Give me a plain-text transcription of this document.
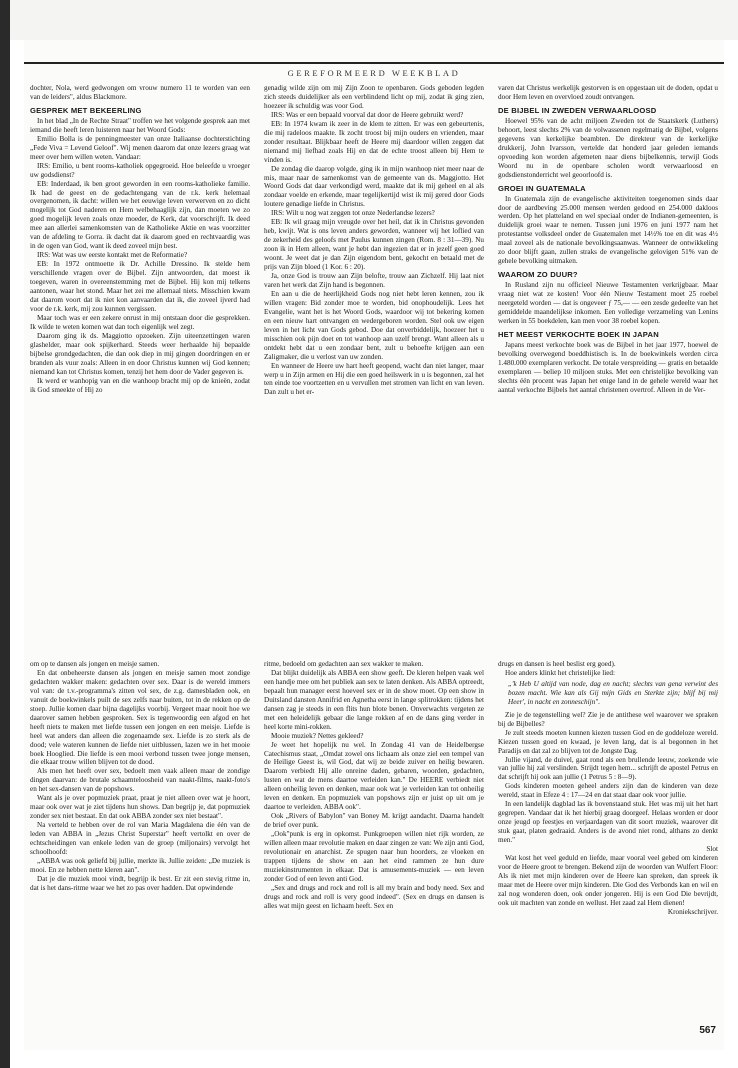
GEREFORMEERD WEEKBLAD

dochter, Nola, werd gedwongen om vrouw numero 11 te worden van een van de leiders", aldus Blackmore.

GESPREK MET BEKEERLING

In het blad „In de Rechte Straat" troffen we het volgende gesprek aan met iemand die heeft leren luisteren naar het Woord Gods:

Emilio Bolla is de penningmeester van onze Italiaanse dochterstichting „Fede Viva = Levend Geloof". Wij menen daarom dat onze lezers graag wat meer over hem willen weten. Vandaar:

IRS: Emilio, u bent rooms-katholiek opgegroeid. Hoe beleefde u vroeger uw godsdienst?

EB: Inderdaad, ik ben groot geworden in een rooms-katholieke familie. Ik had de geest en de gedachtengang van de r.k. kerk helemaal overgenomen, ik dacht: willen we het eeuwige leven verwerven en zo dicht mogelijk tot God naderen en Hem welbehaaglijk zijn, dan moeten we zo goed mogelijk leven zoals onze moeder, de Kerk, dat voorschrijft. Ik deed mee aan allerlei samenkomsten van de Katholieke Aktie en was voorzitter van de afdeling te Gorra. ik dacht dat ik daarom goed en rechtvaardig was in de ogen van God, want ik deed zoveel mijn best.

IRS: Wat was uw eerste kontakt met de Reformatie?

EB: In 1972 ontmoette ik Dr. Achille Dressino. Ik stelde hem verschillende vragen over de Bijbel. Zijn antwoorden, dat moest ik toegeven, waren in overeenstemming met de Bijbel. Hij kon mij telkens aantonen, waar het stond. Maar het zei me allemaal niets. Misschien kwam dat daarom voort dat ik niet kon aanvaarden dat ik, die zoveel ijverd had voor de r.k. kerk, mij zou kunnen vergissen.

Maar toch was er een zekere onrust in mij ontstaan door die gesprekken. Ik wilde te weten komen wat dan toch eigenlijk wel zegt.

Daarom ging ik ds. Maggiotto opzoeken. Zijn uiteenzettingen waren glashelder, maar ook spijkerhard. Steeds weer herhaalde hij bepaalde bijbelse grondgedachten, die dan ook diep in mij gingen doordringen en er branden als vuur zoals: Alleen in en door Christus kunnen wij God kennen; niemand kan tot Christus komen, tenzij het hem door de Vader gegeven is.

Ik werd er wanhopig van en die wanhoop bracht mij op de knieën, zodat ik God smeekte of Hij zo

genadig wilde zijn om mij Zijn Zoon te openbaren. Gods geboden legden zich steeds duidelijker als een verblindend licht op mij, zodat ik ging zien, hoezeer ik schuldig was voor God.

IRS: Was er een bepaald voorval dat door de Heere gebruikt werd?

EB: In 1974 kwam ik zeer in de klem te zitten. Er was een gebeurtenis, die mij radeloos maakte. Ik zocht troost bij mijn ouders en vrienden, maar zonder resultaat. Blijkbaar heeft de Heere mij daardoor willen zeggen dat niemand mij liefhad zoals Hij en dat de echte troost alleen bij Hem te vinden is.

De zondag die daarop volgde, ging ik in mijn wanhoop niet meer naar de mis, maar naar de samenkomst van de gemeente van ds. Maggiotto. Het Woord Gods dat daar verkondigd werd, maakte dat ik mij geheel en al als zondaar voelde en erkende, maar tegelijkertijd wist ik mij gered door Gods loutere genadige liefde in Christus.

IRS: Wilt u nog wat zeggen tot onze Nederlandse lezers?

EB: Ik wil graag mijn vreugde over het heil, dat ik in Christus gevonden heb, kwijt. Wat is ons leven anders geworden, wanneer wij het loflied van de zekerheid des geloofs met Paulus kunnen zingen (Rom. 8 : 31—39). Nu zoon ik in Hem alleen, want je hebt dan ingezien dat er in jezelf geen goed woont. Je weet dat je dan Zijn eigendom bent, gekocht en betaald met de prijs van Zijn bloed (1 Kor. 6 : 20).

Ja, onze God is trouw aan Zijn belofte, trouw aan Zichzelf. Hij laat niet varen het werk dat Zijn hand is begonnen.

En aan u die de heerlijkheid Gods nog niet hebt leren kennen, zou ik willen vragen: Bid zonder moe te worden, bid onophoudelijk. Lees het Evangelie, want het is het Woord Gods, waardoor wij tot bekering komen en een nieuw hart ontvangen en wedergeboren worden. Stel ook uw eigen leven in het licht van Gods gebod. Doe dat onverbiddelijk, hoezeer het u misschien ook pijn doet en tot wanhoop aan uzelf brengt. Want alleen als u ontdekt hebt dat u een zondaar bent, zult u behoefte krijgen aan een Zaligmaker, die u verlost van uw zonden.

En wanneer de Heere uw hart heeft geopend, wacht dan niet langer, maar werp u in Zijn armen en Hij die een goed heilswerk in u is begonnen, zal het ten einde toe voortzetten en u vervullen met stromen van licht en van leven. Dan zult u het er-

varen dat Christus werkelijk gestorven is en opgestaan uit de doden, opdat u door Hem leven en overvloed zoudt ontvangen.

DE BIJBEL IN ZWEDEN VERWAARLOOSD

Hoewel 95% van de acht miljoen Zweden tot de Staatskerk (Luthers) behoort, leest slechts 2% van de volwassenen regelmatig de Bijbel, volgens gegevens van kerkelijke beambten. De direkteur van de kerkelijke drukkerij, John Ivarsson, vertelde dat honderd jaar geleden iemands opvoeding kon worden afgemeten naar diens bijbelkennis, terwijl Gods Woord nu in de openbare scholen wordt verwaarloosd en godsdienstonderricht wel geoorloofd is.

GROEI IN GUATEMALA

In Guatemala zijn de evangelische aktiviteiten toegenomen sinds daar door de aardbeving 25.000 mensen werden gedood en 254.000 dakloos werden. Op het platteland en wel speciaal onder de Indianen-gemeenten, is duidelijk groei waar te nemen. Tussen juni 1976 en juni 1977 nam het protestantse volksdeel onder de Guatemalen met 14½% toe en dit was 4½ maal zoveel als de nationale bevolkingsaanwas. Wanneer de ontwikkeling zo door blijft gaan, zullen straks de evangelische gelovigen 51% van de gehele bevolking uitmaken.

WAAROM ZO DUUR?

In Rusland zijn nu officieel Nieuwe Testamenten verkrijgbaar. Maar vraag niet wat ze kosten! Voor één Nieuw Testament moet 25 roebel neergeteld worden — dat is ongeveer ƒ 75,— — een zesde gedeelte van het gemiddelde maandelijkse inkomen. Een volledige verzameling van Lenins werken in 55 boekdelen, kan men voor 38 roebel kopen.

HET MEEST VERKOCHTE BOEK IN JAPAN

Japans meest verkochte boek was de Bijbel in het jaar 1977, hoewel de bevolking overwegend boeddhistisch is. In de boekwinkels werden circa 1.480.000 exemplaren verkocht. De totale verspreiding — gratis en betaalde exemplaren — beliep 10 miljoen stuks. Met een christelijke bevolking van slechts één procent was Japan het enige land in de gehele wereld waar het aantal verkochte Bijbels het aantal christenen overtrof. Alleen in de Ver-

om op te dansen als jongen en meisje samen.

En dat onbeheerste dansen als jongen en meisje samen moet zondige gedachten wakker maken: gedachten over sex. Daar is de wereld immers vol van: de t.v.-programma's zitten vol sex, de z.g. damesbladen ook, en vanuit de boekwinkels puilt de sex zelfs naar buiten, tot in de rekken op de stoep. Jullie komen daar bijna dagelijks voorbij. Vergeet maar nooit hoe we daarover samen hebben gesproken. Sex is tegenwoordig een afgod en het heeft niets te maken met liefde tussen een jongen en een meisje. Liefde is heel wat anders dan alleen die zogenaamde sex. Liefde is zo sterk als de dood; vele wateren kunnen de liefde niet uitblussen, lazen we in het mooie boek Hooglied. Die liefde is een mooi verbond tussen twee jonge mensen, die elkaar trouw willen blijven tot de dood.

Als men het heeft over sex, bedoelt men vaak alleen maar de zondige dingen daarvan: de brutale schaamteloosheid van naakt-films, naakt-foto's en het sex-dansen van de popshows.

Want als je over popmuziek praat, praat je niet alleen over wat je hoort, maar ook over wat je ziet tijdens hun shows. Dan begrijp je, dat popmuziek zonder sex niet bestaat. En dat ook ABBA zonder sex niet bestaat".

Na verteld te hebben over de rol van Maria Magdalena die één van de leden van ABBA in „Jezus Christ Superstar" heeft vertolkt en over de echtscheidingen van enkele leden van de groep (miljonairs) vervolgt het schoolhoofd:

„ABBA was ook geliefd bij jullie, merkte ik. Jullie zeiden: „De muziek is mooi. En ze hebben nette kleren aan".

Dat je die muziek mooi vindt, begrijp ik best. Er zit een stevig ritme in, dat is het dans-ritme waar we het zo pas over hadden. Dat opwindende

ritme, bedoeld om gedachten aan sex wakker te maken.

Dat blijkt duidelijk als ABBA een show geeft. De kleren helpen vaak wel een handje mee om het publiek aan sex te laten denken. Als ABBA optreedt, bepaalt hun manager eerst hoeveel sex er in de show moet. Op een show in Duitsland dansten Annifrid en Agnetha eerst in lange splitrokken: tijdens het dansen zag je steeds in een flits hun blote benen. Onverwachts vergeten ze met een heleidelijk gebaar die lange rokken af en de dans ging verder in heel korte mini-rokken.

Mooie muziek? Nettes gekleed?

Je weet het hopelijk nu wel. In Zondag 41 van de Heidelbergse Catechismus staat, „Omdat zowel ons lichaam als onze ziel een tempel van de Heilige Geest is, wil God, dat wij ze beide zuiver en heilig bewaren. Daarom verbiedt Hij alle onreine daden, gebaren, woorden, gedachten, lusten en wat de mens daartoe verleiden kan." De HEERE verbiedt niet alleen onheilig leven en denken, maar ook wat je verleiden kan tot onheilig leven en denken. En popmuziek van popshows zijn er juist op uit om je daartoe te verleiden. ABBA ook".

Ook „Rivers of Babylon" van Boney M. krijgt aandacht. Daarna handelt de brief over punk.

„Ook"punk is erg in opkomst. Punkgroepen willen niet rijk worden, ze willen alleen maar revolutie maken en daar zingen ze van: We zijn anti God, revolutionair en anarchist. Ze spugen naar hun hoorders, ze vloeken en trappen tijdens de show en aan het eind rammen ze hun dure muziekinstrumenten in elkaar. Dat is amusements-muziek — een leven zonder God of een leven anti God.

„Sex and drugs and rock and roll is all my brain and body need. Sex and drugs and rock and roll is very good indeed". (Sex en drugs en dansen is alles wat mijn geest en lichaam heeft. Sex en

drugs en dansen is heel beslist erg goed).

Hoe anders klinkt het christelijke lied:

„'k Heb U altijd van node, dag en nacht; slechts van gena verwint des bozen macht. Wie kan als Gij mijn Gids en Sterkte zijn; blijf bij mij Heer', in nacht en zonneschijn".

Zie je de tegenstelling wel? Zie je de antithese wel waarover we spraken bij de Bijbelles?

Je zult steeds moeten kunnen kiezen tussen God en de goddeloze wereld. Kiezen tussen goed en kwaad, je leven lang, dat is al begonnen in het Paradijs en dat zal zo blijven tot de Jongste Dag.

Jullie vijand, de duivel, gaat rond als een brullende leeuw, zoekende wie van jullie hij zal verslinden. Strijdt tegen hem... schrijft de apostel Petrus en dat schrijft hij ook aan jullie (1 Petrus 5 : 8—9).

Gods kinderen moeten geheel anders zijn dan de kinderen van deze wereld, staat in Efeze 4 : 17—24 en dat staat daar ook voor jullie.

In een landelijk dagblad las ik bovenstaand stuk. Het was mij uit het hart gegrepen. Vandaar dat ik het hierbij graag doorgeef. Helaas worden er door onze jeugd op feestjes en verjaardagen van dit soort muziek, waarover dit stuk gaat, platen gedraaid. Anders is de avond niet rond, althans zo denkt men."

Slot

Wat kost het veel geduld en liefde, maar vooral veel gebed om kinderen voor de Heere groot te brengen. Bekend zijn de woorden van Wulfert Floor: Als ik niet met mijn kinderen over de Heere kan spreken, dan spreek ik maar met de Heere over mijn kinderen. Die God des Verbonds kan en wil en zal nog wonderen doen, ook onder jongeren. Hij is een God Die bevrijdt, ook uit machten van zonde en wellust. Het zaad zal Hem dienen!

Kroniekschrijver.

567
